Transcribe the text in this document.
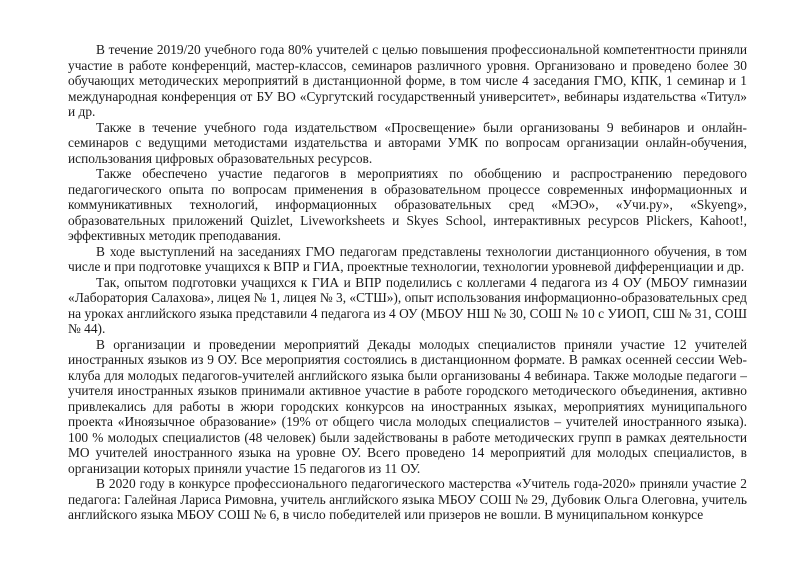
В течение 2019/20 учебного года 80% учителей с целью повышения профессиональной компетентности приняли участие в работе конференций, мастер-классов, семинаров различного уровня. Организовано и проведено более 30 обучающих методических мероприятий в дистанционной форме, в том числе 4 заседания ГМО, КПК, 1 семинар и 1 международная конференция от БУ ВО «Сургутский государственный университет», вебинары издательства «Титул» и др.

Также в течение учебного года издательством «Просвещение» были организованы 9 вебинаров и онлайн-семинаров с ведущими методистами издательства и авторами УМК по вопросам организации онлайн-обучения, использования цифровых образовательных ресурсов.

Также обеспечено участие педагогов в мероприятиях по обобщению и распространению передового педагогического опыта по вопросам применения в образовательном процессе современных информационных и коммуникативных технологий, информационных образовательных сред «МЭО», «Учи.ру», «Skyeng», образовательных приложений Quizlet, Liveworksheets и Skyes School, интерактивных ресурсов Plickers, Kahoot!, эффективных методик преподавания.

В ходе выступлений на заседаниях ГМО педагогам представлены технологии дистанционного обучения, в том числе и при подготовке учащихся к ВПР и ГИА, проектные технологии, технологии уровневой дифференциации и др.

Так, опытом подготовки учащихся к ГИА и ВПР поделились с коллегами 4 педагога из 4 ОУ (МБОУ гимназии «Лаборатория Салахова», лицея № 1, лицея № 3, «СТШ»), опыт использования информационно-образовательных сред на уроках английского языка представили 4 педагога из 4 ОУ (МБОУ НШ № 30, СОШ № 10 с УИОП, СШ № 31, СОШ № 44).

В организации и проведении мероприятий Декады молодых специалистов приняли участие 12 учителей иностранных языков из 9 ОУ. Все мероприятия состоялись в дистанционном формате. В рамках осенней сессии Web-клуба для молодых педагогов-учителей английского языка были организованы 4 вебинара. Также молодые педагоги – учителя иностранных языков принимали активное участие в работе городского методического объединения, активно привлекались для работы в жюри городских конкурсов на иностранных языках, мероприятиях муниципального проекта «Иноязычное образование» (19% от общего числа молодых специалистов – учителей иностранного языка). 100 % молодых специалистов (48 человек) были задействованы в работе методических групп в рамках деятельности МО учителей иностранного языка на уровне ОУ. Всего проведено 14 мероприятий для молодых специалистов, в организации которых приняли участие 15 педагогов из 11 ОУ.

В 2020 году в конкурсе профессионального педагогического мастерства «Учитель года-2020» приняли участие 2 педагога: Галейная Лариса Римовна, учитель английского языка МБОУ СОШ № 29, Дубовик Ольга Олеговна, учитель английского языка МБОУ СОШ № 6, в число победителей или призеров не вошли. В муниципальном конкурсе
